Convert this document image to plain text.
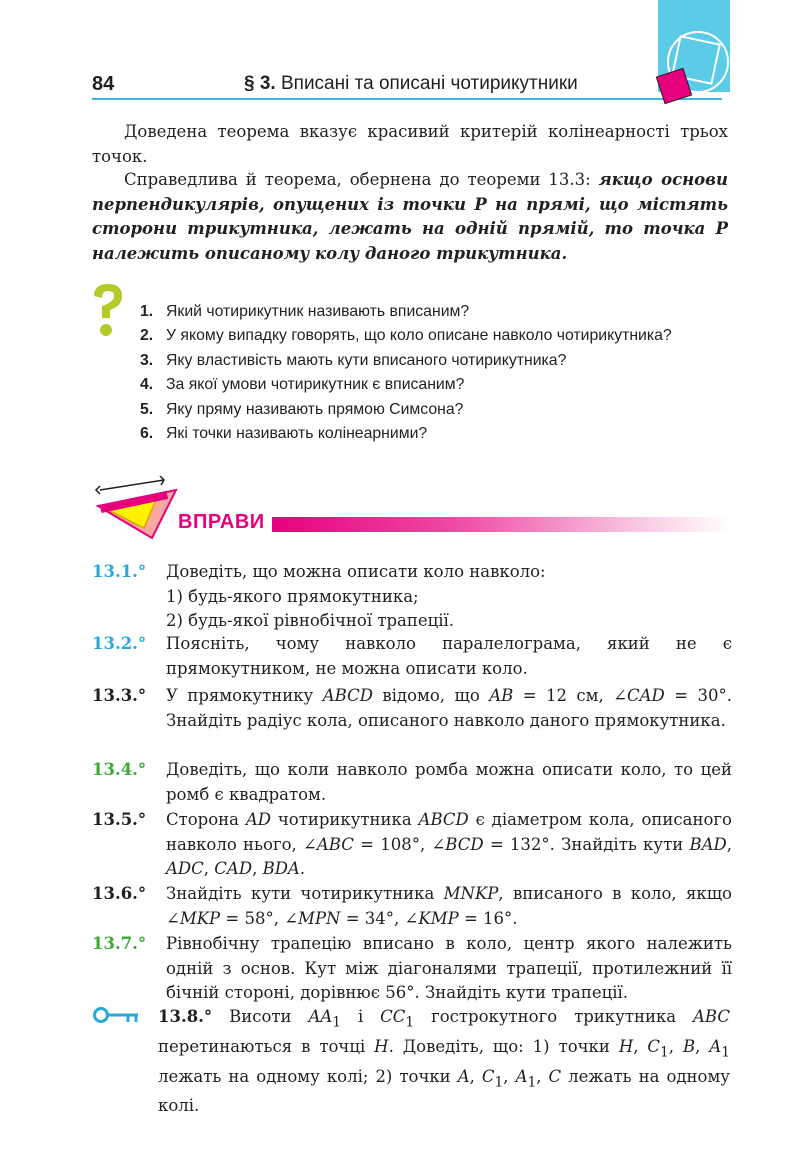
84	§ 3. Вписані та описані чотирикутники
Доведена теорема вказує красивий критерій колінеарності трьох точок.
Справедлива й теорема, обернена до теореми 13.3: якщо основи перпендикулярів, опущених із точки P на прямі, що містять сторони трикутника, лежать на одній прямій, то точка P належить описаному колу даного трикутника.
1. Який чотирикутник називають вписаним?
2. У якому випадку говорять, що коло описане навколо чотирикутника?
3. Яку властивість мають кути вписаного чотирикутника?
4. За якої умови чотирикутник є вписаним?
5. Яку пряму називають прямою Симсона?
6. Які точки називають колінеарними?
ВПРАВИ
13.1.° Доведіть, що можна описати коло навколо:
1) будь-якого прямокутника;
2) будь-якої рівнобічної трапеції.
13.2.° Поясніть, чому навколо паралелограма, який не є прямокутником, не можна описати коло.
13.3.° У прямокутнику ABCD відомо, що AB = 12 см, ∠CAD = 30°. Знайдіть радіус кола, описаного навколо даного прямокутника.
13.4.° Доведіть, що коли навколо ромба можна описати коло, то цей ромб є квадратом.
13.5.° Сторона AD чотирикутника ABCD є діаметром кола, описаного навколо нього, ∠ABC = 108°, ∠BCD = 132°. Знайдіть кути BAD, ADC, CAD, BDA.
13.6.° Знайдіть кути чотирикутника MNKP, вписаного в коло, якщо ∠MKP = 58°, ∠MPN = 34°, ∠KMP = 16°.
13.7.° Рівнобічну трапецію вписано в коло, центр якого належить одній з основ. Кут між діагоналями трапеції, протилежний її бічній стороні, дорівнює 56°. Знайдіть кути трапеції.
13.8.° Висоти $AA_1$ і $CC_1$ гострокутного трикутника ABC перетинаються в точці H. Доведіть, що: 1) точки H, $C_1$, B, $A_1$ лежать на одному колі; 2) точки A, $C_1$, $A_1$, C лежать на одному колі.
